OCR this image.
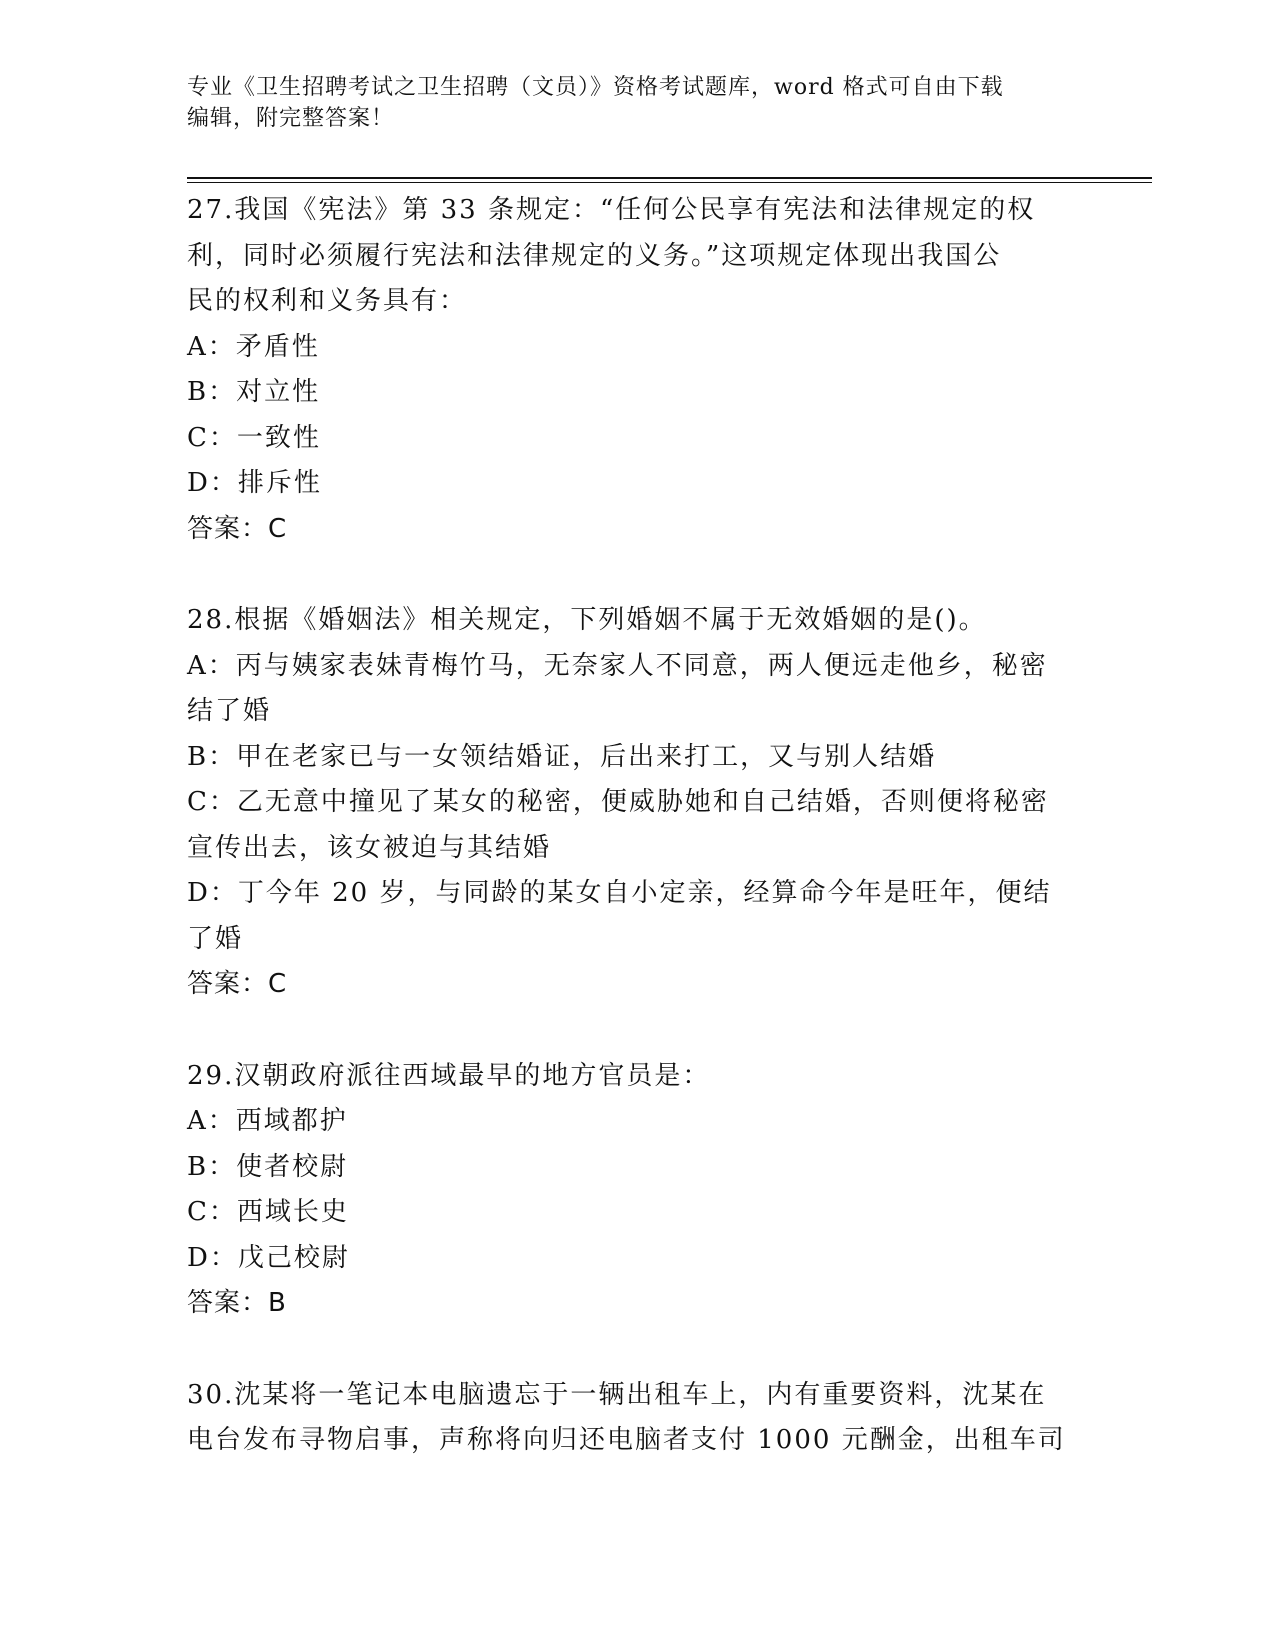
专业《卫生招聘考试之卫生招聘（文员）》资格考试题库，word 格式可自由下载
编辑，附完整答案！
27.我国《宪法》第 33 条规定：“任何公民享有宪法和法律规定的权
利，同时必须履行宪法和法律规定的义务。”这项规定体现出我国公
民的权利和义务具有：
A：矛盾性
B：对立性
C：一致性
D：排斥性
答案：C
28.根据《婚姻法》相关规定，下列婚姻不属于无效婚姻的是()。
A：丙与姨家表妹青梅竹马，无奈家人不同意，两人便远走他乡，秘密
结了婚
B：甲在老家已与一女领结婚证，后出来打工，又与别人结婚
C：乙无意中撞见了某女的秘密，便威胁她和自己结婚，否则便将秘密
宣传出去，该女被迫与其结婚
D：丁今年 20 岁，与同龄的某女自小定亲，经算命今年是旺年，便结
了婚
答案：C
29.汉朝政府派往西域最早的地方官员是：
A：西域都护
B：使者校尉
C：西域长史
D：戊己校尉
答案：B
30.沈某将一笔记本电脑遗忘于一辆出租车上，内有重要资料，沈某在
电台发布寻物启事，声称将向归还电脑者支付 1000 元酬金，出租车司
